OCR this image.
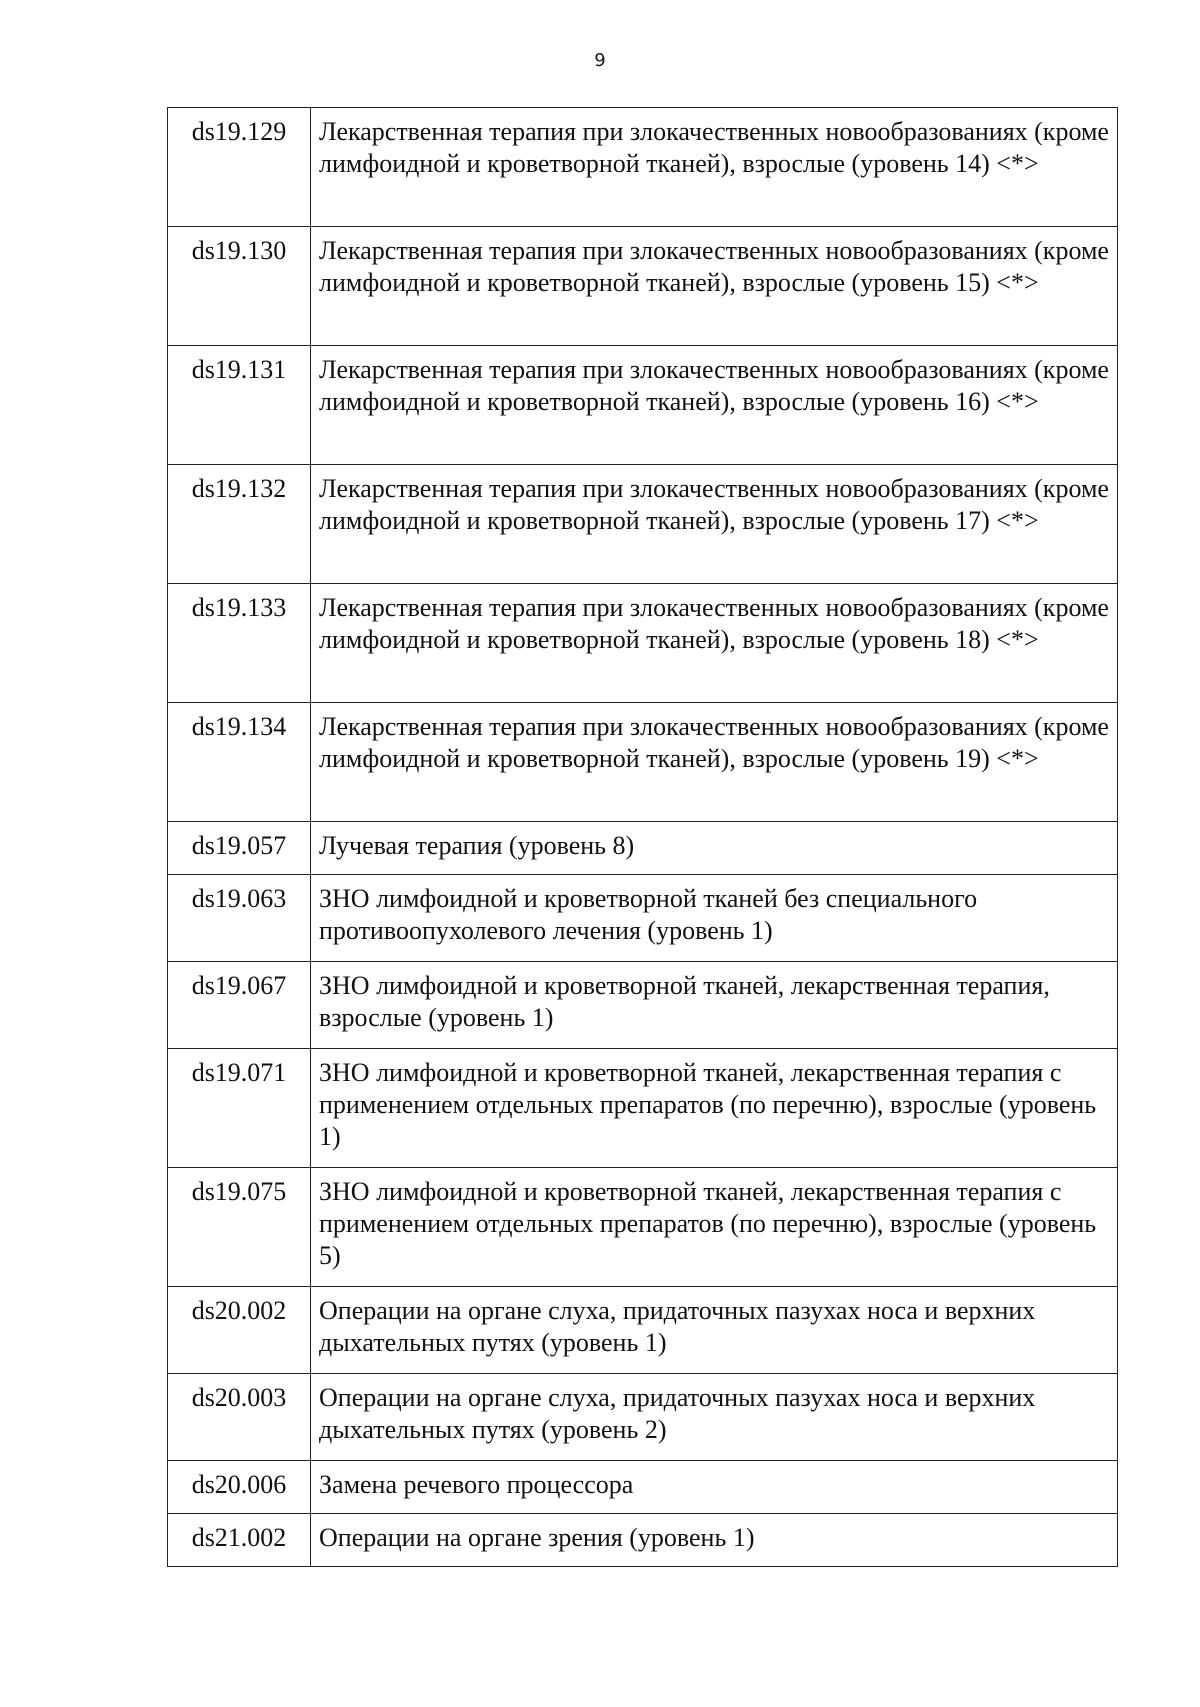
9
ds19.129	Лекарственная терапия при злокачественных новообразованиях (кроме лимфоидной и кроветворной тканей), взрослые (уровень 14) <*>
ds19.130	Лекарственная терапия при злокачественных новообразованиях (кроме лимфоидной и кроветворной тканей), взрослые (уровень 15) <*>
ds19.131	Лекарственная терапия при злокачественных новообразованиях (кроме лимфоидной и кроветворной тканей), взрослые (уровень 16) <*>
ds19.132	Лекарственная терапия при злокачественных новообразованиях (кроме лимфоидной и кроветворной тканей), взрослые (уровень 17) <*>
ds19.133	Лекарственная терапия при злокачественных новообразованиях (кроме лимфоидной и кроветворной тканей), взрослые (уровень 18) <*>
ds19.134	Лекарственная терапия при злокачественных новообразованиях (кроме лимфоидной и кроветворной тканей), взрослые (уровень 19) <*>
ds19.057	Лучевая терапия (уровень 8)
ds19.063	ЗНО лимфоидной и кроветворной тканей без специального противоопухолевого лечения (уровень 1)
ds19.067	ЗНО лимфоидной и кроветворной тканей, лекарственная терапия, взрослые (уровень 1)
ds19.071	ЗНО лимфоидной и кроветворной тканей, лекарственная терапия с применением отдельных препаратов (по перечню), взрослые (уровень 1)
ds19.075	ЗНО лимфоидной и кроветворной тканей, лекарственная терапия с применением отдельных препаратов (по перечню), взрослые (уровень 5)
ds20.002	Операции на органе слуха, придаточных пазухах носа и верхних дыхательных путях (уровень 1)
ds20.003	Операции на органе слуха, придаточных пазухах носа и верхних дыхательных путях (уровень 2)
ds20.006	Замена речевого процессора
ds21.002	Операции на органе зрения (уровень 1)
